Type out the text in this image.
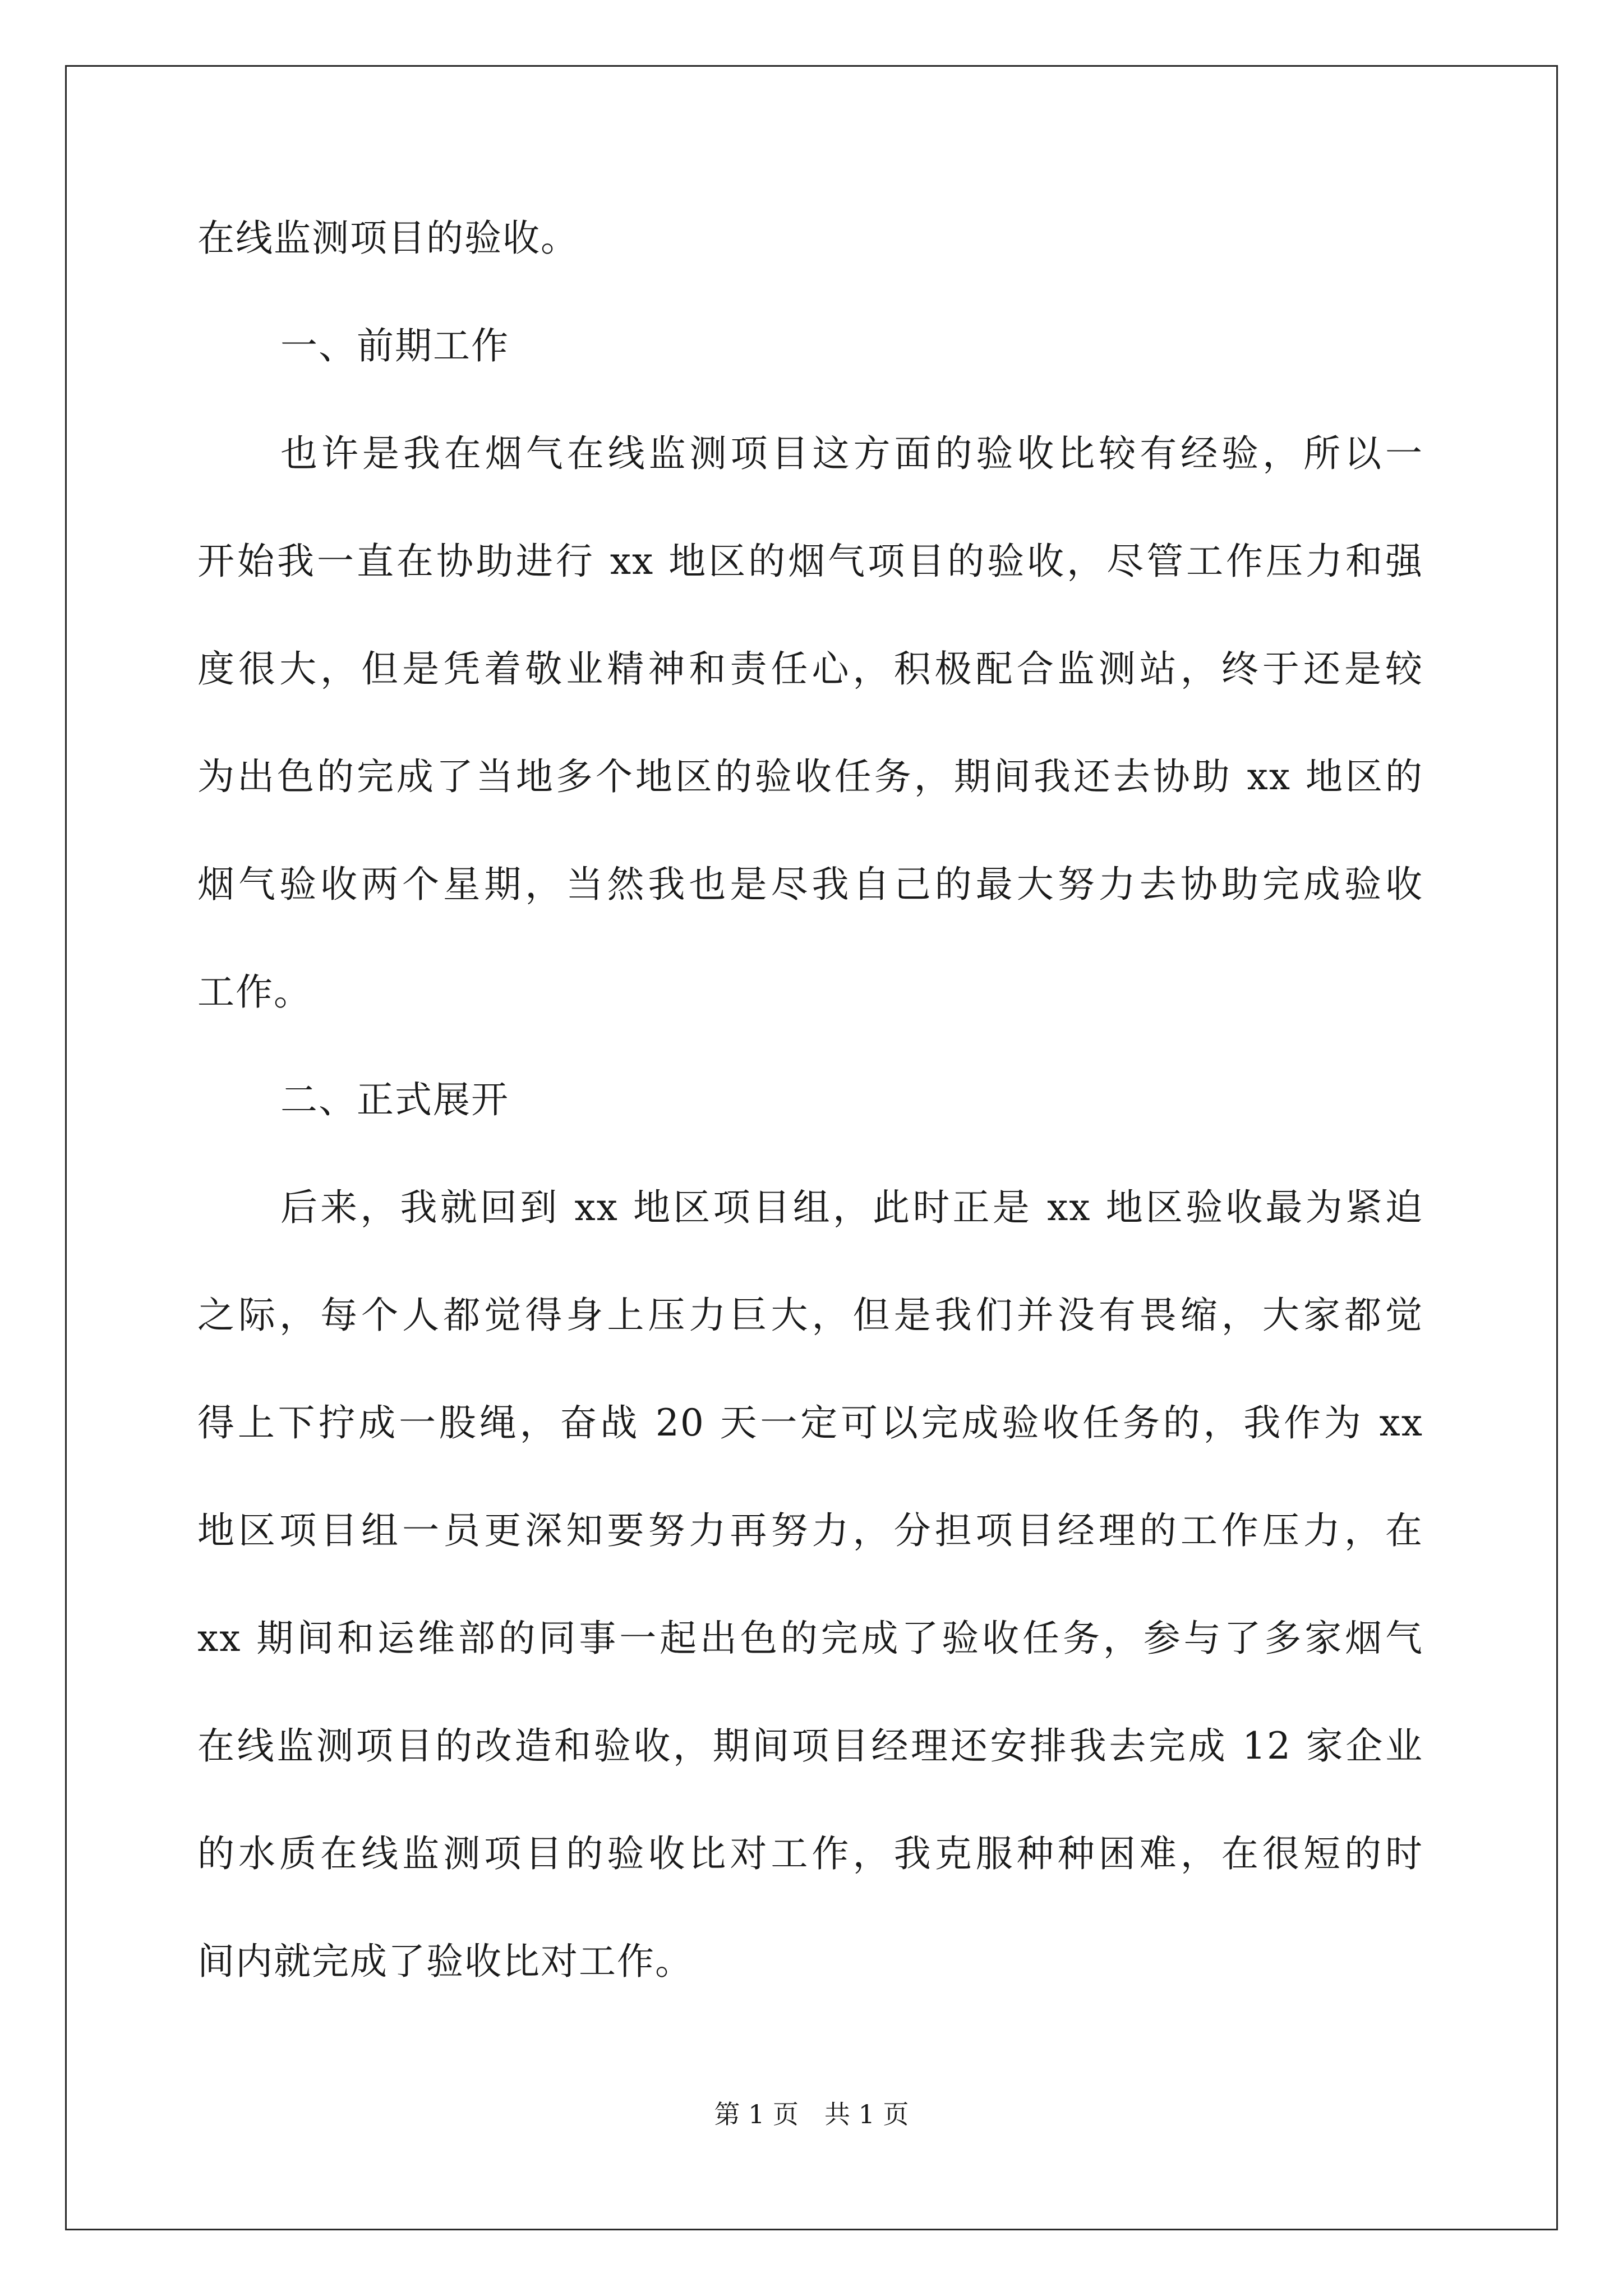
在线监测项目的验收。
一、前期工作
也许是我在烟气在线监测项目这方面的验收比较有经验，所以一
开始我一直在协助进行 xx 地区的烟气项目的验收，尽管工作压力和强
度很大，但是凭着敬业精神和责任心，积极配合监测站，终于还是较
为出色的完成了当地多个地区的验收任务，期间我还去协助 xx 地区的
烟气验收两个星期，当然我也是尽我自己的最大努力去协助完成验收
工作。
二、正式展开
后来，我就回到 xx 地区项目组，此时正是 xx 地区验收最为紧迫
之际，每个人都觉得身上压力巨大，但是我们并没有畏缩，大家都觉
得上下拧成一股绳，奋战 20 天一定可以完成验收任务的，我作为 xx
地区项目组一员更深知要努力再努力，分担项目经理的工作压力，在
xx 期间和运维部的同事一起出色的完成了验收任务，参与了多家烟气
在线监测项目的改造和验收，期间项目经理还安排我去完成 12 家企业
的水质在线监测项目的验收比对工作，我克服种种困难，在很短的时
间内就完成了验收比对工作。
第 1 页 共 1 页
